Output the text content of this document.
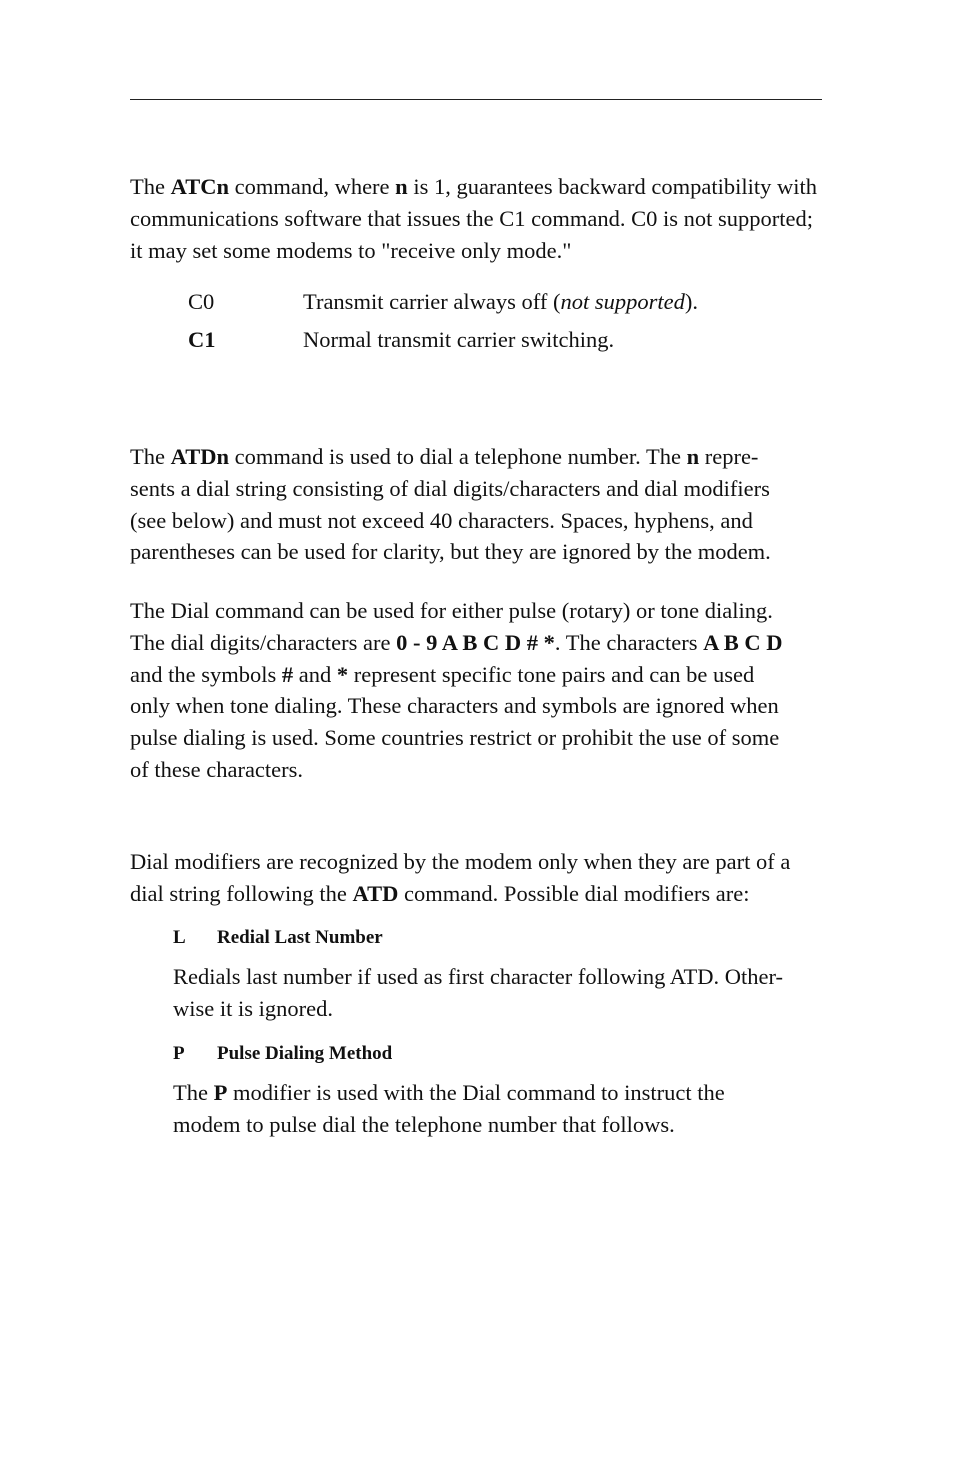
The ATCn command, where n is 1, guarantees backward compatibility with communications software that issues the C1 command. C0 is not supported; it may set some modems to "receive only mode."
C0	Transmit carrier always off (not supported).
C1	Normal transmit carrier switching.
The ATDn command is used to dial a telephone number. The n repre-
sents a dial string consisting of dial digits/characters and dial modifiers
(see below) and must not exceed 40 characters. Spaces, hyphens, and
parentheses can be used for clarity, but they are ignored by the modem.
The Dial command can be used for either pulse (rotary) or tone dialing.
The dial digits/characters are 0 - 9 A B C D # *. The characters A B C D
and the symbols # and * represent specific tone pairs and can be used
only when tone dialing. These characters and symbols are ignored when
pulse dialing is used. Some countries restrict or prohibit the use of some
of these characters.
Dial modifiers are recognized by the modem only when they are part of a
dial string following the ATD command. Possible dial modifiers are:
L Redial Last Number
Redials last number if used as first character following ATD. Other-
wise it is ignored.
P Pulse Dialing Method
The P modifier is used with the Dial command to instruct the
modem to pulse dial the telephone number that follows.
